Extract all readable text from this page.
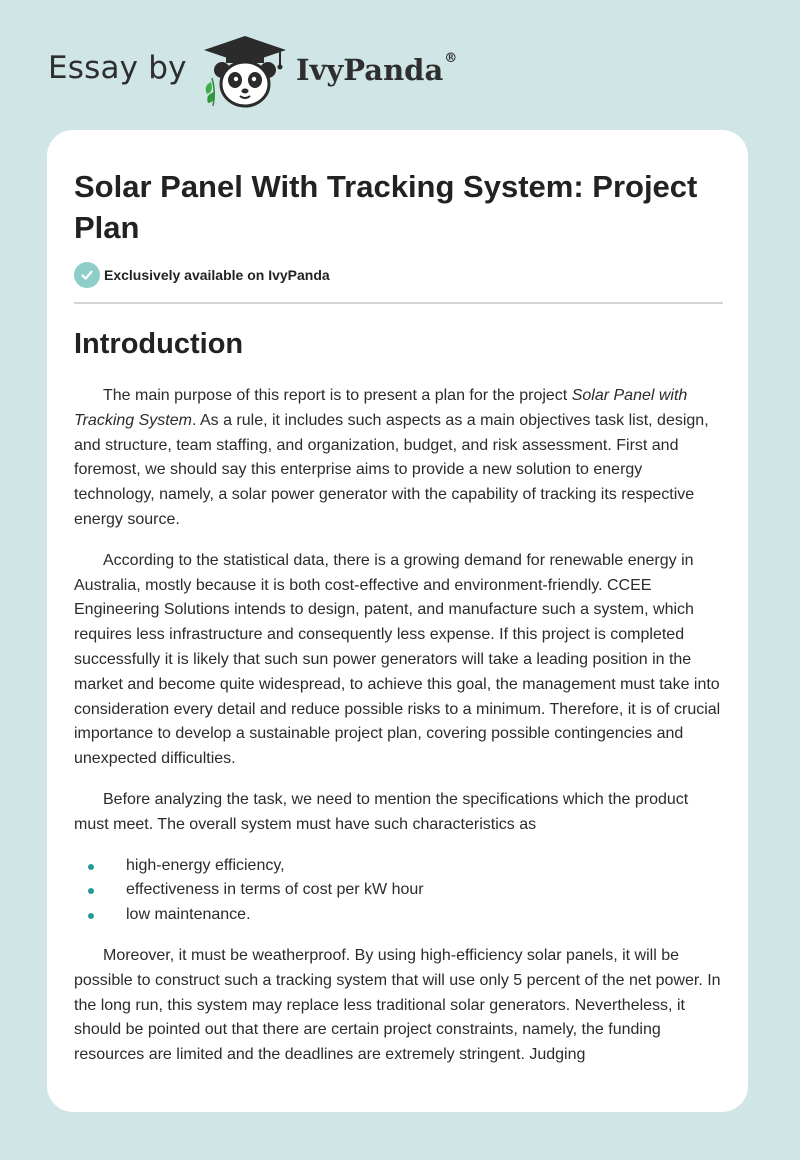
Essay by	IvyPanda®
Solar Panel With Tracking System: Project Plan
Exclusively available on IvyPanda
Introduction

The main purpose of this report is to present a plan for the project Solar Panel with Tracking System. As a rule, it includes such aspects as a main objectives task list, design, and structure, team staffing, and organization, budget, and risk assessment. First and foremost, we should say this enterprise aims to provide a new solution to energy technology, namely, a solar power generator with the capability of tracking its respective energy source.

According to the statistical data, there is a growing demand for renewable energy in Australia, mostly because it is both cost-effective and environment-friendly. CCEE Engineering Solutions intends to design, patent, and manufacture such a system, which requires less infrastructure and consequently less expense. If this project is completed successfully it is likely that such sun power generators will take a leading position in the market and become quite widespread, to achieve this goal, the management must take into consideration every detail and reduce possible risks to a minimum. Therefore, it is of crucial importance to develop a sustainable project plan, covering possible contingencies and unexpected difficulties.

Before analyzing the task, we need to mention the specifications which the product must meet. The overall system must have such characteristics as

high-energy efficiency,
effectiveness in terms of cost per kW hour
low maintenance.

Moreover, it must be weatherproof. By using high-efficiency solar panels, it will be possible to construct such a tracking system that will use only 5 percent of the net power. In the long run, this system may replace less traditional solar generators. Nevertheless, it should be pointed out that there are certain project constraints, namely, the funding resources are limited and the deadlines are extremely stringent. Judging
